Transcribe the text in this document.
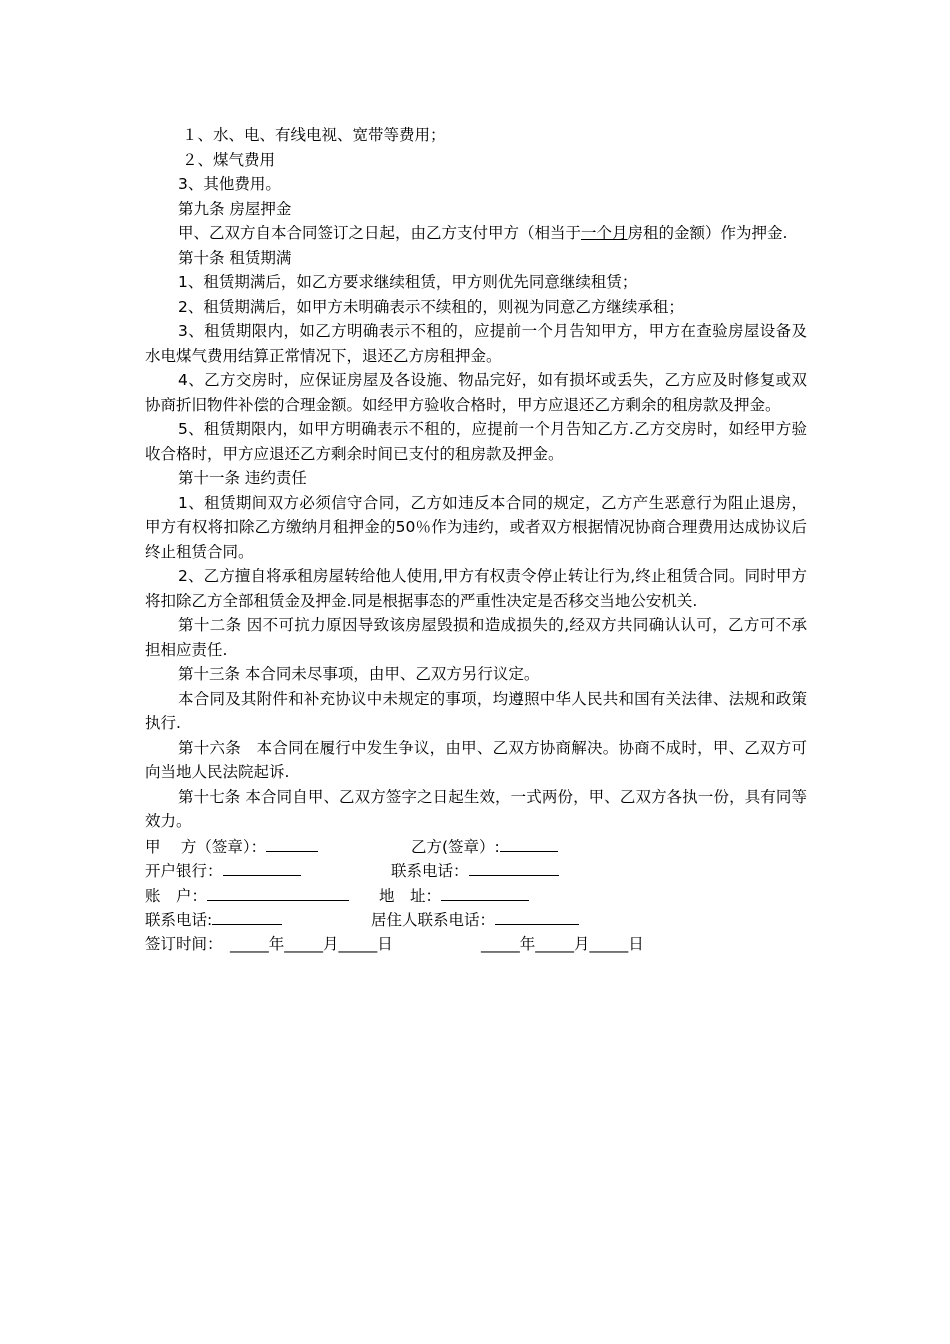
１、水、电、有线电视、宽带等费用；
２、煤气费用
3、其他费用。
第九条 房屋押金

甲、乙双方自本合同签订之日起，由乙方支付甲方（相当于一个月房租的金额）作为押金.

第十条 租赁期满

1、租赁期满后，如乙方要求继续租赁，甲方则优先同意继续租赁；

2、租赁期满后，如甲方未明确表示不续租的，则视为同意乙方继续承租；

3、租赁期限内，如乙方明确表示不租的，应提前一个月告知甲方，甲方在查验房屋设备及水电煤气费用结算正常情况下，退还乙方房租押金。

4、乙方交房时，应保证房屋及各设施、物品完好，如有损坏或丢失，乙方应及时修复或双协商折旧物件补偿的合理金额。如经甲方验收合格时，甲方应退还乙方剩余的租房款及押金。

5、租赁期限内，如甲方明确表示不租的，应提前一个月告知乙方.乙方交房时，如经甲方验收合格时，甲方应退还乙方剩余时间已支付的租房款及押金。

第十一条 违约责任

1、租赁期间双方必须信守合同，乙方如违反本合同的规定，乙方产生恶意行为阻止退房，甲方有权将扣除乙方缴纳月租押金的50％作为违约，或者双方根据情况协商合理费用达成协议后终止租赁合同。

2、乙方擅自将承租房屋转给他人使用,甲方有权责令停止转让行为,终止租赁合同。同时甲方将扣除乙方全部租赁金及押金.同是根据事态的严重性决定是否移交当地公安机关.

第十二条 因不可抗力原因导致该房屋毁损和造成损失的,经双方共同确认认可，乙方可不承担相应责任.

第十三条 本合同未尽事项，由甲、乙双方另行议定。

本合同及其附件和补充协议中未规定的事项，均遵照中华人民共和国有关法律、法规和政策执行.

第十六条　本合同在履行中发生争议，由甲、乙双方协商解决。协商不成时，甲、乙双方可向当地人民法院起诉.

第十七条 本合同自甲、乙双方签字之日起生效，一式两份，甲、乙双方各执一份，具有同等效力。

甲　 方（签章）：	乙方(签章）:
开户银行：	联系电话：
账　户：	地　址：
联系电话:	居住人联系电话：
签订时间： _____年_____月_____日	_____年_____月_____日
